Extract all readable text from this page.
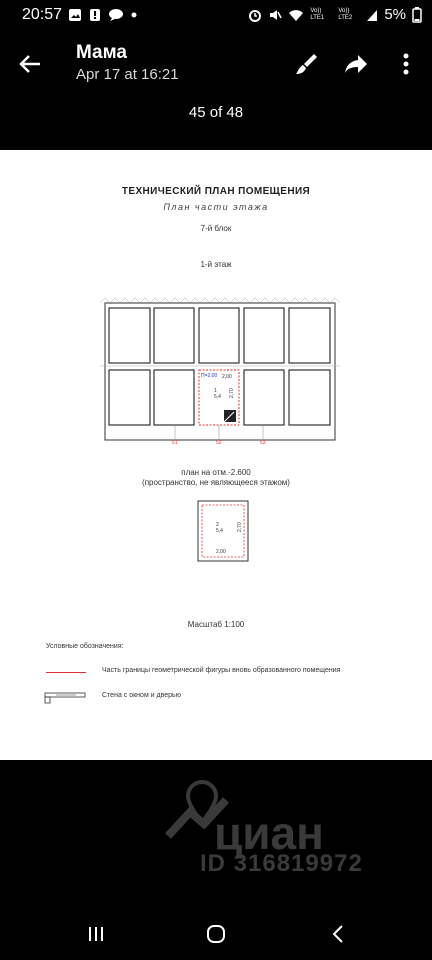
20:57	Vo)) LTE1
Vo)) LTE2	5%
Мама
Apr 17 at 16:21
45 of 48
ТЕХНИЧЕСКИЙ ПЛАН ПОМЕЩЕНИЯ
План части этажа
7-й блок
1-й этаж
П=2,00 2,00
1
5,4 2,70
51	52	53
план на отм.-2.600
(пространство, не являющееся этажом)
2
5,4	2,70
2,00
Масштаб 1:100
Условные обозначения:
Часть границы геометрической фигуры вновь образованного помещения
Стена с окном и дверью
циан
ID 316819972
